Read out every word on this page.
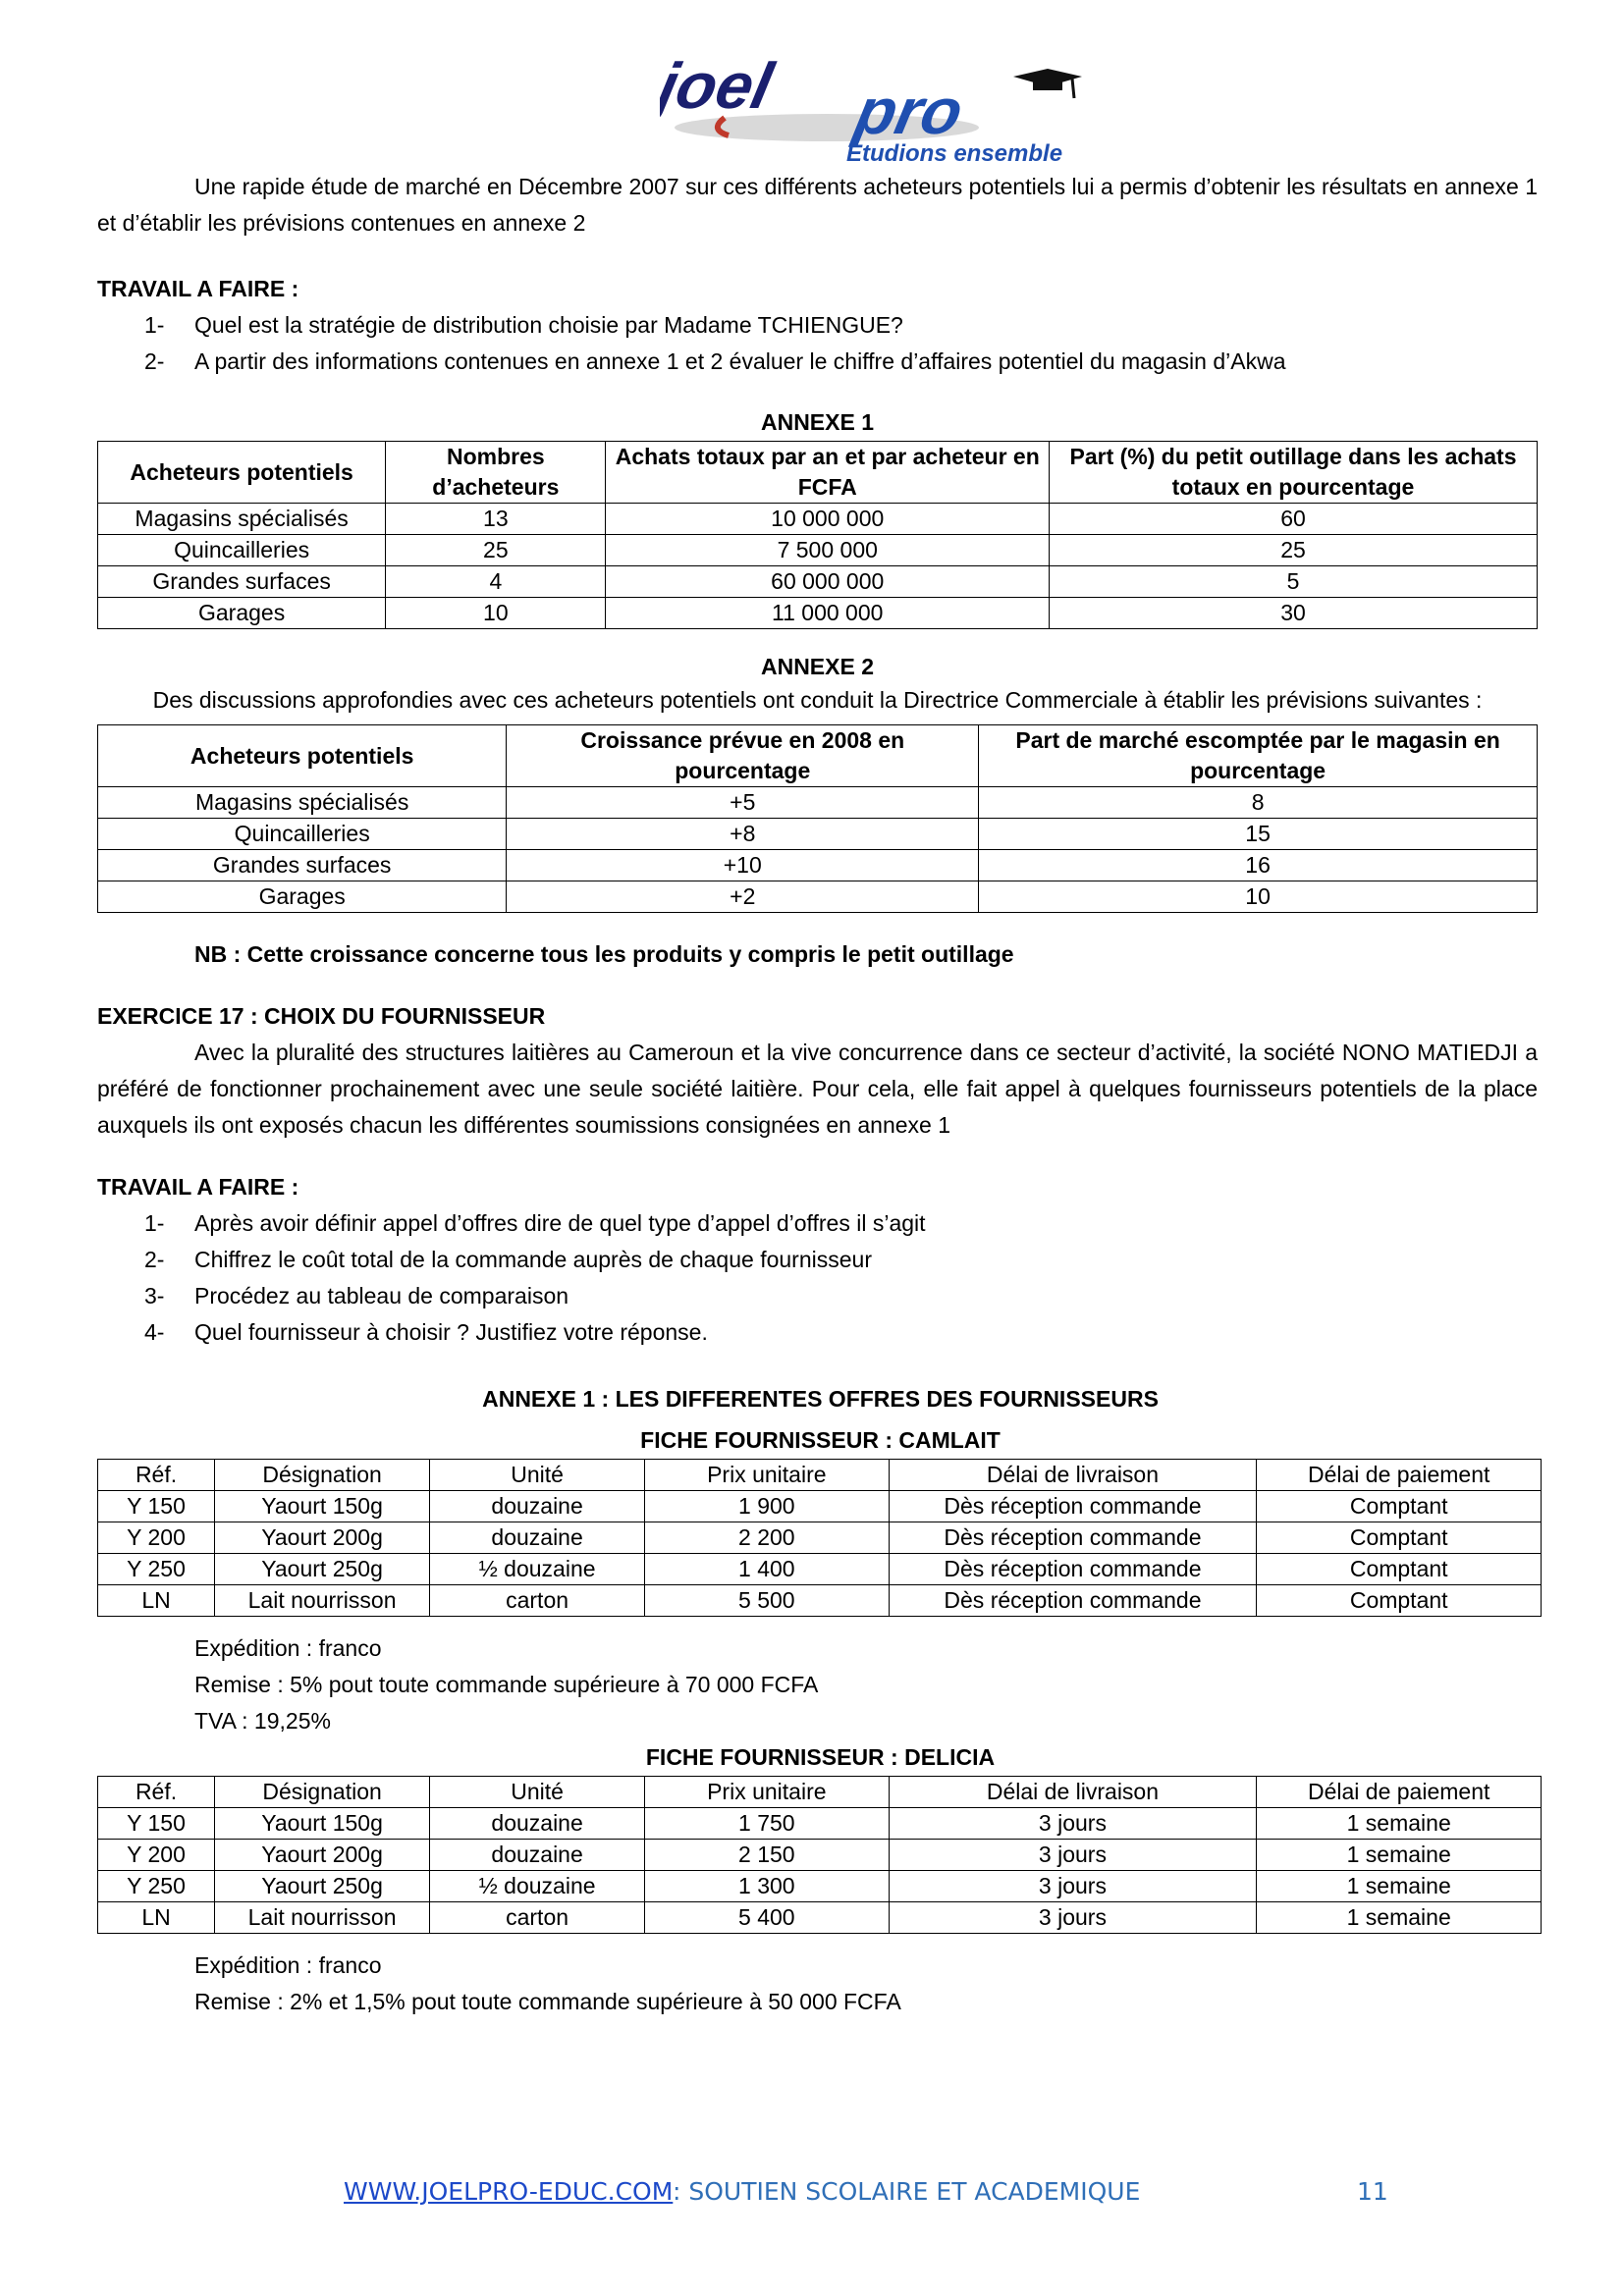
joel pro
Etudions ensemble

Une rapide étude de marché en Décembre 2007 sur ces différents acheteurs potentiels lui a permis d’obtenir les résultats en annexe 1 et d’établir les prévisions contenues en annexe 2

TRAVAIL A FAIRE :

1-	Quel est la stratégie de distribution choisie par Madame TCHIENGUE?
2-	A partir des informations contenues en annexe 1 et 2 évaluer le chiffre d’affaires potentiel du magasin d’Akwa

ANNEXE 1

Acheteurs potentiels	Nombres d’acheteurs	Achats totaux par an et par acheteur en FCFA	Part (%) du petit outillage dans les achats totaux en pourcentage
Magasins spécialisés	13	10 000 000	60
Quincailleries	25	7 500 000	25
Grandes surfaces	4	60 000 000	5
Garages	10	11 000 000	30

ANNEXE 2

Des discussions approfondies avec ces acheteurs potentiels ont conduit la Directrice Commerciale à établir les prévisions suivantes :

Acheteurs potentiels	Croissance prévue en 2008 en pourcentage	Part de marché escomptée par le magasin en pourcentage
Magasins spécialisés	+5	8
Quincailleries	+8	15
Grandes surfaces	+10	16
Garages	+2	10

NB : Cette croissance concerne tous les produits y compris le petit outillage

EXERCICE 17 : CHOIX DU FOURNISSEUR

Avec la pluralité des structures laitières au Cameroun et la vive concurrence dans ce secteur d’activité, la société NONO MATIEDJI a préféré de fonctionner prochainement avec une seule société laitière. Pour cela, elle fait appel à quelques fournisseurs potentiels de la place auxquels ils ont exposés chacun les différentes soumissions consignées en annexe 1

TRAVAIL A FAIRE :

1-	Après avoir définir appel d’offres dire de quel type d’appel d’offres il s’agit
2-	Chiffrez le coût total de la commande auprès de chaque fournisseur
3-	Procédez au tableau de comparaison
4-	Quel fournisseur à choisir ? Justifiez votre réponse.

ANNEXE 1 : LES DIFFERENTES OFFRES DES FOURNISSEURS

FICHE FOURNISSEUR : CAMLAIT

Réf.	Désignation	Unité	Prix unitaire	Délai de livraison	Délai de paiement
Y 150	Yaourt 150g	douzaine	1 900	Dès réception commande	Comptant
Y 200	Yaourt 200g	douzaine	2 200	Dès réception commande	Comptant
Y 250	Yaourt 250g	½ douzaine	1 400	Dès réception commande	Comptant
LN	Lait nourrisson	carton	5 500	Dès réception commande	Comptant

Expédition : franco

Remise : 5% pout toute commande supérieure à 70 000 FCFA

TVA : 19,25%

FICHE FOURNISSEUR : DELICIA

Réf.	Désignation	Unité	Prix unitaire	Délai de livraison	Délai de paiement
Y 150	Yaourt 150g	douzaine	1 750	3 jours	1 semaine
Y 200	Yaourt 200g	douzaine	2 150	3 jours	1 semaine
Y 250	Yaourt 250g	½ douzaine	1 300	3 jours	1 semaine
LN	Lait nourrisson	carton	5 400	3 jours	1 semaine

Expédition : franco

Remise : 2% et 1,5% pout toute commande supérieure à 50 000 FCFA

WWW.JOELPRO-EDUC.COM : SOUTIEN SCOLAIRE ET ACADEMIQUE	11
